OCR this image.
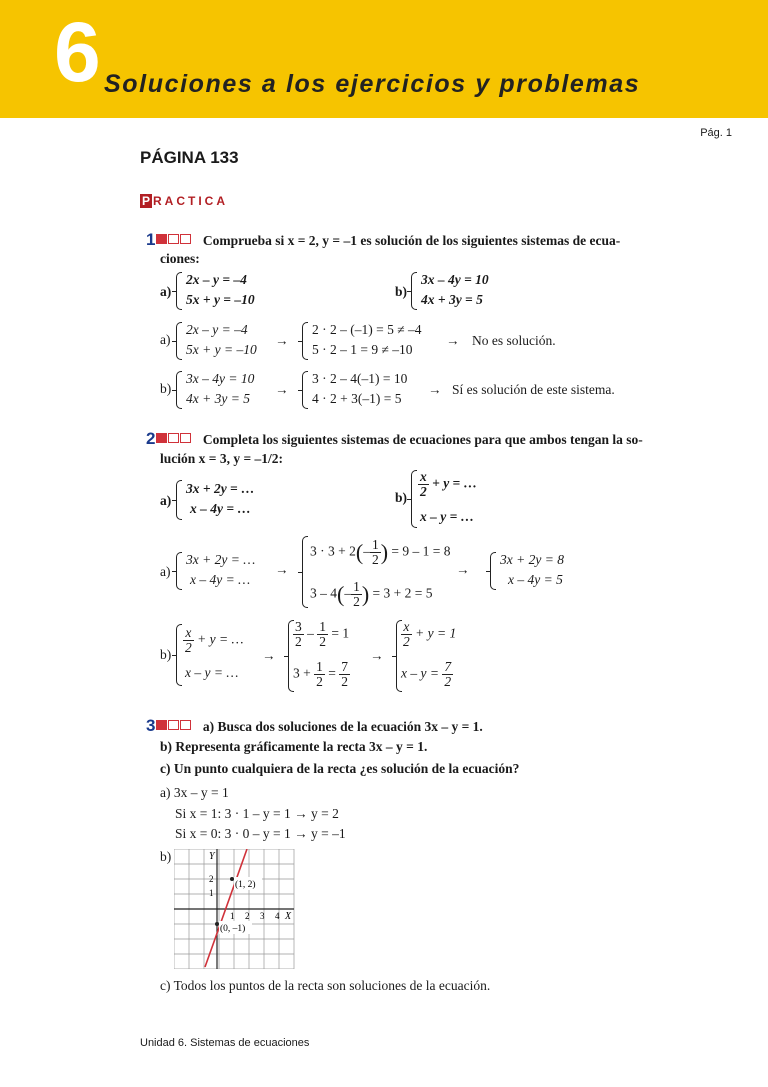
6 Soluciones a los ejercicios y problemas
Pág. 1
PÁGINA 133
P RACTICA
1	Comprueba si x = 2, y = –1 es solución de los siguientes sistemas de ecua-
ciones:
a)
2x – y = –4
5x + y = –10
b)
3x – 4y = 10
4x + 3y = 5
a)
2x – y = –4
5x + y = –10
→
2 · 2 – (–1) = 5 ≠ –4
5 · 2 – 1 = 9 ≠ –10
→ No es solución.
b)
3x – 4y = 10
4x + 3y = 5
→
3 · 2 – 4(–1) = 10
4 · 2 + 3(–1) = 5
→ Sí es solución de este sistema.
2	Completa los siguientes sistemas de ecuaciones para que ambos tengan la so-
lución x = 3, y = –1/2:
a)
3x + 2y = …
x – 4y = …
$b) \frac{x}{2} + y$ = …
x – y = …
a)
3x + 2y = …
x – 4y = …
→
$3 \cdot 3 + 2(- \frac{1}{2}$ ) = 9 – 1 = 8
$3 - 4(- \frac{1}{2}$ ) = 3 + 2 = 5
→
3x + 2y = 8
x – 4y = 5
$b) \frac{x}{2} + y$ = …
x – y = …
→
$\frac{3}{2} - \frac{1}{2} = 1$
$3 + \frac{1}{2} = \frac{7}{2}$
→
$\frac{x}{2} + y = 1$
$x - y = \frac{7}{2}$
3	a) Busca dos soluciones de la ecuación 3x – y = 1.
b) Representa gráficamente la recta 3x – y = 1.
c) Un punto cualquiera de la recta ¿es solución de la ecuación?
a) 3x – y = 1
Si x = 1: 3 · 1 – y = 1 → y = 2
Si x = 0: 3 · 0 – y = 1 → y = –1
b)	Y
X
1 2 3 4
2
1
(1, 2)
(0, –1)
c) Todos los puntos de la recta son soluciones de la ecuación.
Unidad 6. Sistemas de ecuaciones
